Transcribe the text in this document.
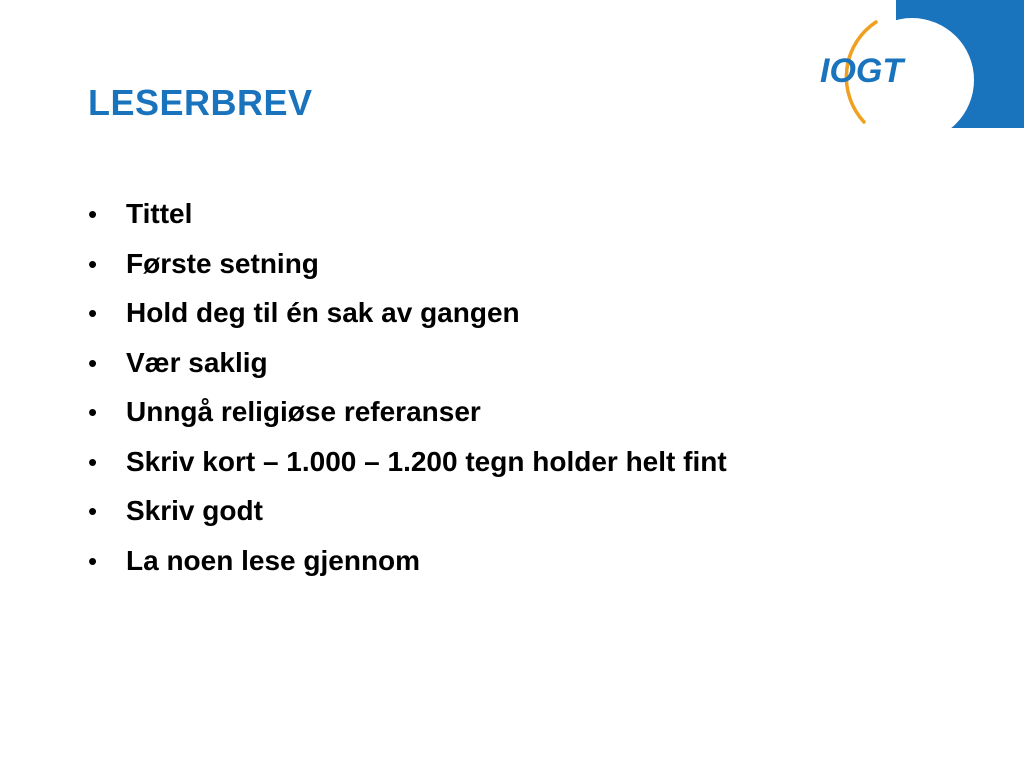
IOGT
LESERBREV
• Tittel
• Første setning
• Hold deg til én sak av gangen
• Vær saklig
• Unngå religiøse referanser
• Skriv kort – 1.000 – 1.200 tegn holder helt fint
• Skriv godt
• La noen lese gjennom
